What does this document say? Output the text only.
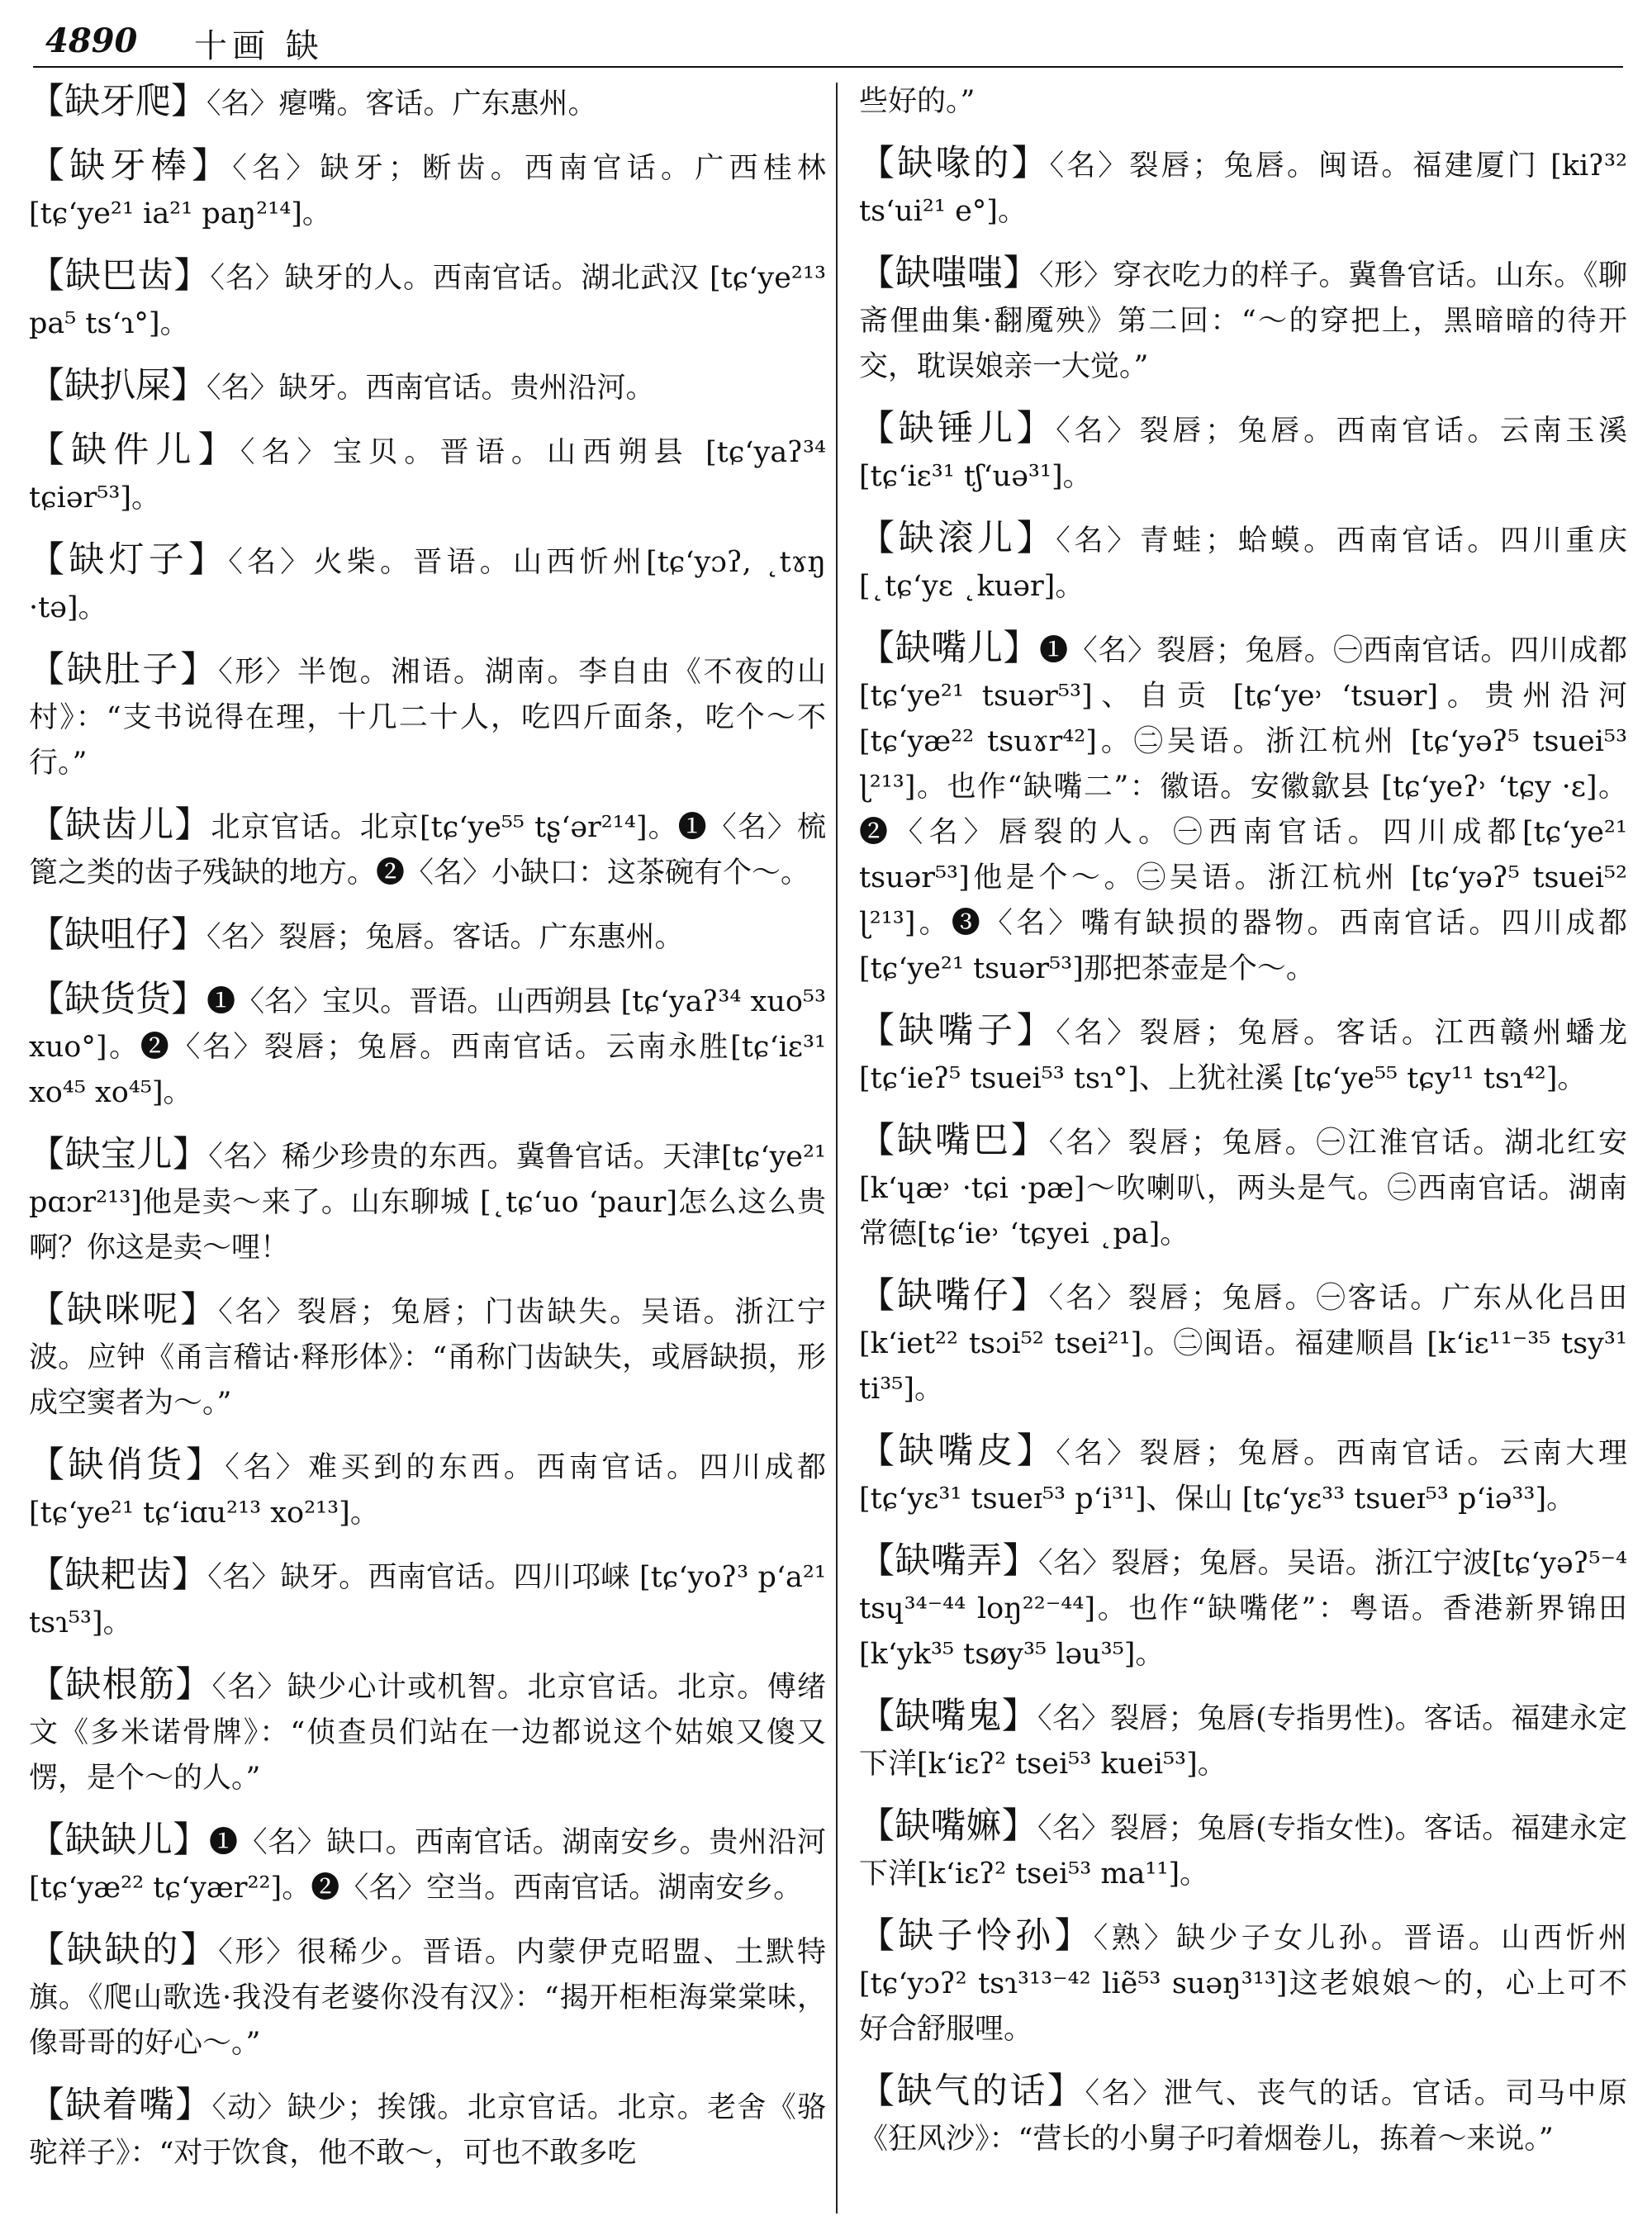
4890 十画 缺

【缺牙爬】〈名〉瘪嘴。客话。广东惠州。

【缺牙棒】〈名〉缺牙；断齿。西南官话。广西桂林 [tɕ‘ye²¹ ia²¹ paŋ²¹⁴]。

【缺巴齿】〈名〉缺牙的人。西南官话。湖北武汉 [tɕ‘ye²¹³ pa⁵ ts‘ɿ°]。

【缺扒屎】〈名〉缺牙。西南官话。贵州沿河。

【缺件儿】〈名〉宝贝。晋语。山西朔县 [tɕ‘yaʔ³⁴ tɕiər⁵³]。

【缺灯子】〈名〉火柴。晋语。山西忻州[tɕ‘yɔʔ, ˛tɤŋ ·tə]。

【缺肚子】〈形〉半饱。湘语。湖南。李自由《不夜的山村》：“支书说得在理，十几二十人，吃四斤面条，吃个～不行。”

【缺齿儿】北京官话。北京[tɕ‘ye⁵⁵ tʂ‘ər²¹⁴]。❶〈名〉梳篦之类的齿子残缺的地方。❷〈名〉小缺口：这茶碗有个～。

【缺咀仔】〈名〉裂唇；兔唇。客话。广东惠州。

【缺货货】❶〈名〉宝贝。晋语。山西朔县 [tɕ‘yaʔ³⁴ xuo⁵³ xuo°]。❷〈名〉裂唇；兔唇。西南官话。云南永胜[tɕ‘iɛ³¹ xo⁴⁵ xo⁴⁵]。

【缺宝儿】〈名〉稀少珍贵的东西。冀鲁官话。天津[tɕ‘ye²¹ pɑɔr²¹³]他是卖～来了。山东聊城 [˛tɕ‘uo ‘paur]怎么这么贵啊？你这是卖～哩！

【缺咪呢】〈名〉裂唇；兔唇；门齿缺失。吴语。浙江宁波。应钟《甬言稽诂·释形体》：“甬称门齿缺失，或唇缺损，形成空窦者为～。”

【缺俏货】〈名〉难买到的东西。西南官话。四川成都 [tɕ‘ye²¹ tɕ‘iɑu²¹³ xo²¹³]。

【缺耙齿】〈名〉缺牙。西南官话。四川邛崃 [tɕ‘yoʔ³ p‘a²¹ tsɿ⁵³]。

【缺根筋】〈名〉缺少心计或机智。北京官话。北京。傅绪文《多米诺骨牌》：“侦查员们站在一边都说这个姑娘又傻又愣，是个～的人。”

【缺缺儿】❶〈名〉缺口。西南官话。湖南安乡。贵州沿河[tɕ‘yæ²² tɕ‘yær²²]。❷〈名〉空当。西南官话。湖南安乡。

【缺缺的】〈形〉很稀少。晋语。内蒙伊克昭盟、土默特旗。《爬山歌选·我没有老婆你没有汉》：“揭开柜柜海棠棠味，像哥哥的好心～。”

【缺着嘴】〈动〉缺少；挨饿。北京官话。北京。老舍《骆驼祥子》：“对于饮食，他不敢～，可也不敢多吃

些好的。”

【缺喙的】〈名〉裂唇；兔唇。闽语。福建厦门 [kiʔ³² ts‘ui²¹ e°]。

【缺嗤嗤】〈形〉穿衣吃力的样子。冀鲁官话。山东。《聊斋俚曲集·翻魇殃》第二回：“～的穿把上，黑暗暗的待开交，耽误娘亲一大觉。”

【缺锤儿】〈名〉裂唇；兔唇。西南官话。云南玉溪 [tɕ‘iɛ³¹ tʃ‘uə³¹]。

【缺滚儿】〈名〉青蛙；蛤蟆。西南官话。四川重庆 [˛tɕ‘yɛ ˛kuər]。

【缺嘴儿】❶〈名〉裂唇；兔唇。㊀西南官话。四川成都 [tɕ‘ye²¹ tsuər⁵³]、自贡 [tɕ‘ye˒ ‘tsuər]。贵州沿河[tɕ‘yæ²² tsuɤr⁴²]。㊁吴语。浙江杭州 [tɕ‘yəʔ⁵ tsuei⁵³ ɭ²¹³]。也作“缺嘴二”：徽语。安徽歙县 [tɕ‘yeʔ˒ ‘tɕy ·ɛ]。❷〈名〉唇裂的人。㊀西南官话。四川成都[tɕ‘ye²¹ tsuər⁵³]他是个～。㊁吴语。浙江杭州 [tɕ‘yəʔ⁵ tsuei⁵² ɭ²¹³]。❸〈名〉嘴有缺损的器物。西南官话。四川成都[tɕ‘ye²¹ tsuər⁵³]那把茶壶是个～。

【缺嘴子】〈名〉裂唇；兔唇。客话。江西赣州蟠龙 [tɕ‘ieʔ⁵ tsuei⁵³ tsɿ°]、上犹社溪 [tɕ‘ye⁵⁵ tɕy¹¹ tsɿ⁴²]。

【缺嘴巴】〈名〉裂唇；兔唇。㊀江淮官话。湖北红安 [k‘ɥæ˒ ·tɕi ·pæ]～吹喇叭，两头是气。㊁西南官话。湖南常德[tɕ‘ie˒ ‘tɕyei ˛pa]。

【缺嘴仔】〈名〉裂唇；兔唇。㊀客话。广东从化吕田 [k‘iet²² tsɔi⁵² tsei²¹]。㊁闽语。福建顺昌 [k‘iɛ¹¹⁻³⁵ tsy³¹ ti³⁵]。

【缺嘴皮】〈名〉裂唇；兔唇。西南官话。云南大理 [tɕ‘yɛ³¹ tsueɪ⁵³ p‘i³¹]、保山 [tɕ‘yɛ³³ tsueɪ⁵³ p‘iə³³]。

【缺嘴弄】〈名〉裂唇；兔唇。吴语。浙江宁波[tɕ‘yəʔ⁵⁻⁴ tsɥ³⁴⁻⁴⁴ loŋ²²⁻⁴⁴]。也作“缺嘴佬”：粤语。香港新界锦田[k‘yk³⁵ tsøy³⁵ ləu³⁵]。

【缺嘴鬼】〈名〉裂唇；兔唇(专指男性)。客话。福建永定下洋[k‘iɛʔ² tsei⁵³ kuei⁵³]。

【缺嘴嫲】〈名〉裂唇；兔唇(专指女性)。客话。福建永定下洋[k‘iɛʔ² tsei⁵³ ma¹¹]。

【缺子怜孙】〈熟〉缺少子女儿孙。晋语。山西忻州 [tɕ‘yɔʔ² tsɿ³¹³⁻⁴² liẽ⁵³ suəŋ³¹³]这老娘娘～的，心上可不好合舒服哩。

【缺气的话】〈名〉泄气、丧气的话。官话。司马中原《狂风沙》：“营长的小舅子叼着烟卷儿，拣着～来说。”
